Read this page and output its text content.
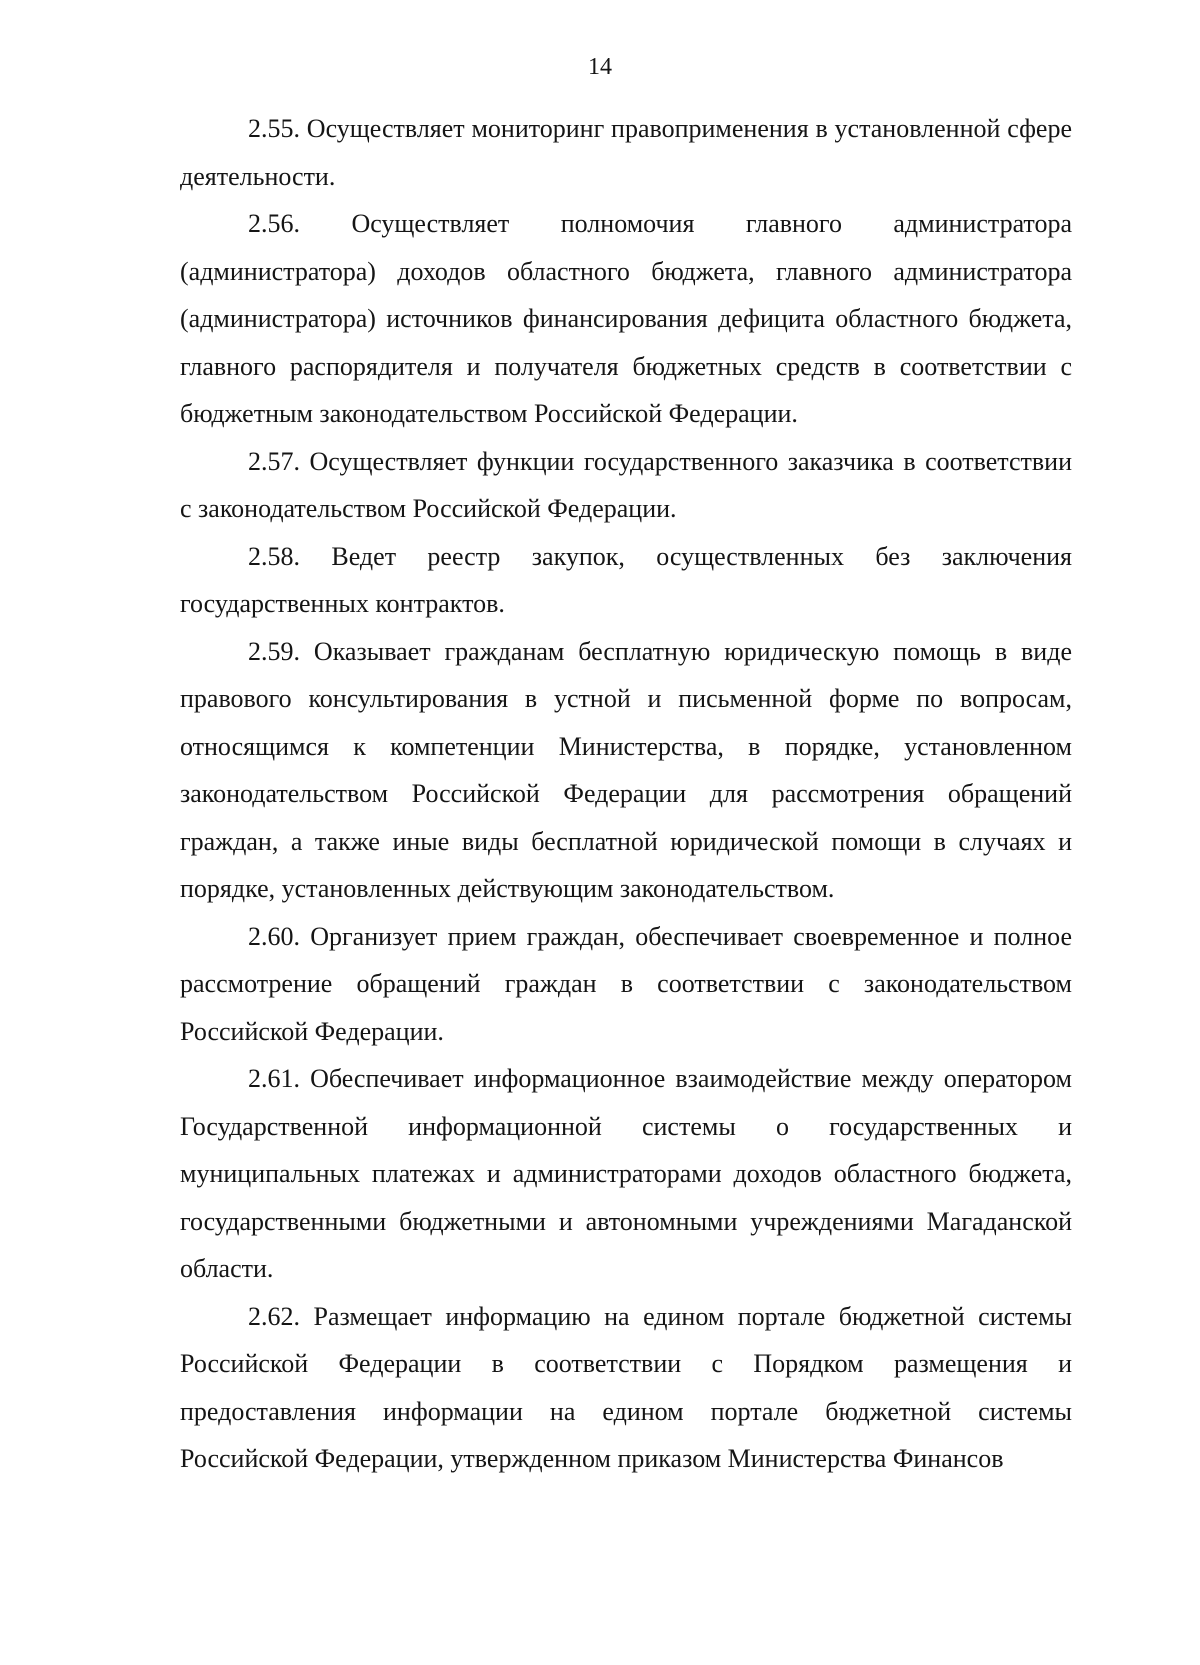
14

2.55. Осуществляет мониторинг правоприменения в установленной сфере деятельности.

2.56. Осуществляет полномочия главного администратора (администратора) доходов областного бюджета, главного администратора (администратора) источников финансирования дефицита областного бюджета, главного распорядителя и получателя бюджетных средств в соответствии с бюджетным законодательством Российской Федерации.

2.57. Осуществляет функции государственного заказчика в соответствии с законодательством Российской Федерации.

2.58. Ведет реестр закупок, осуществленных без заключения государственных контрактов.

2.59. Оказывает гражданам бесплатную юридическую помощь в виде правового консультирования в устной и письменной форме по вопросам, относящимся к компетенции Министерства, в порядке, установленном законодательством Российской Федерации для рассмотрения обращений граждан, а также иные виды бесплатной юридической помощи в случаях и порядке, установленных действующим законодательством.

2.60. Организует прием граждан, обеспечивает своевременное и полное рассмотрение обращений граждан в соответствии с законодательством Российской Федерации.

2.61. Обеспечивает информационное взаимодействие между оператором Государственной информационной системы о государственных и муниципальных платежах и администраторами доходов областного бюджета, государственными бюджетными и автономными учреждениями Магаданской области.

2.62. Размещает информацию на едином портале бюджетной системы Российской Федерации в соответствии с Порядком размещения и предоставления информации на едином портале бюджетной системы Российской Федерации, утвержденном приказом Министерства Финансов
